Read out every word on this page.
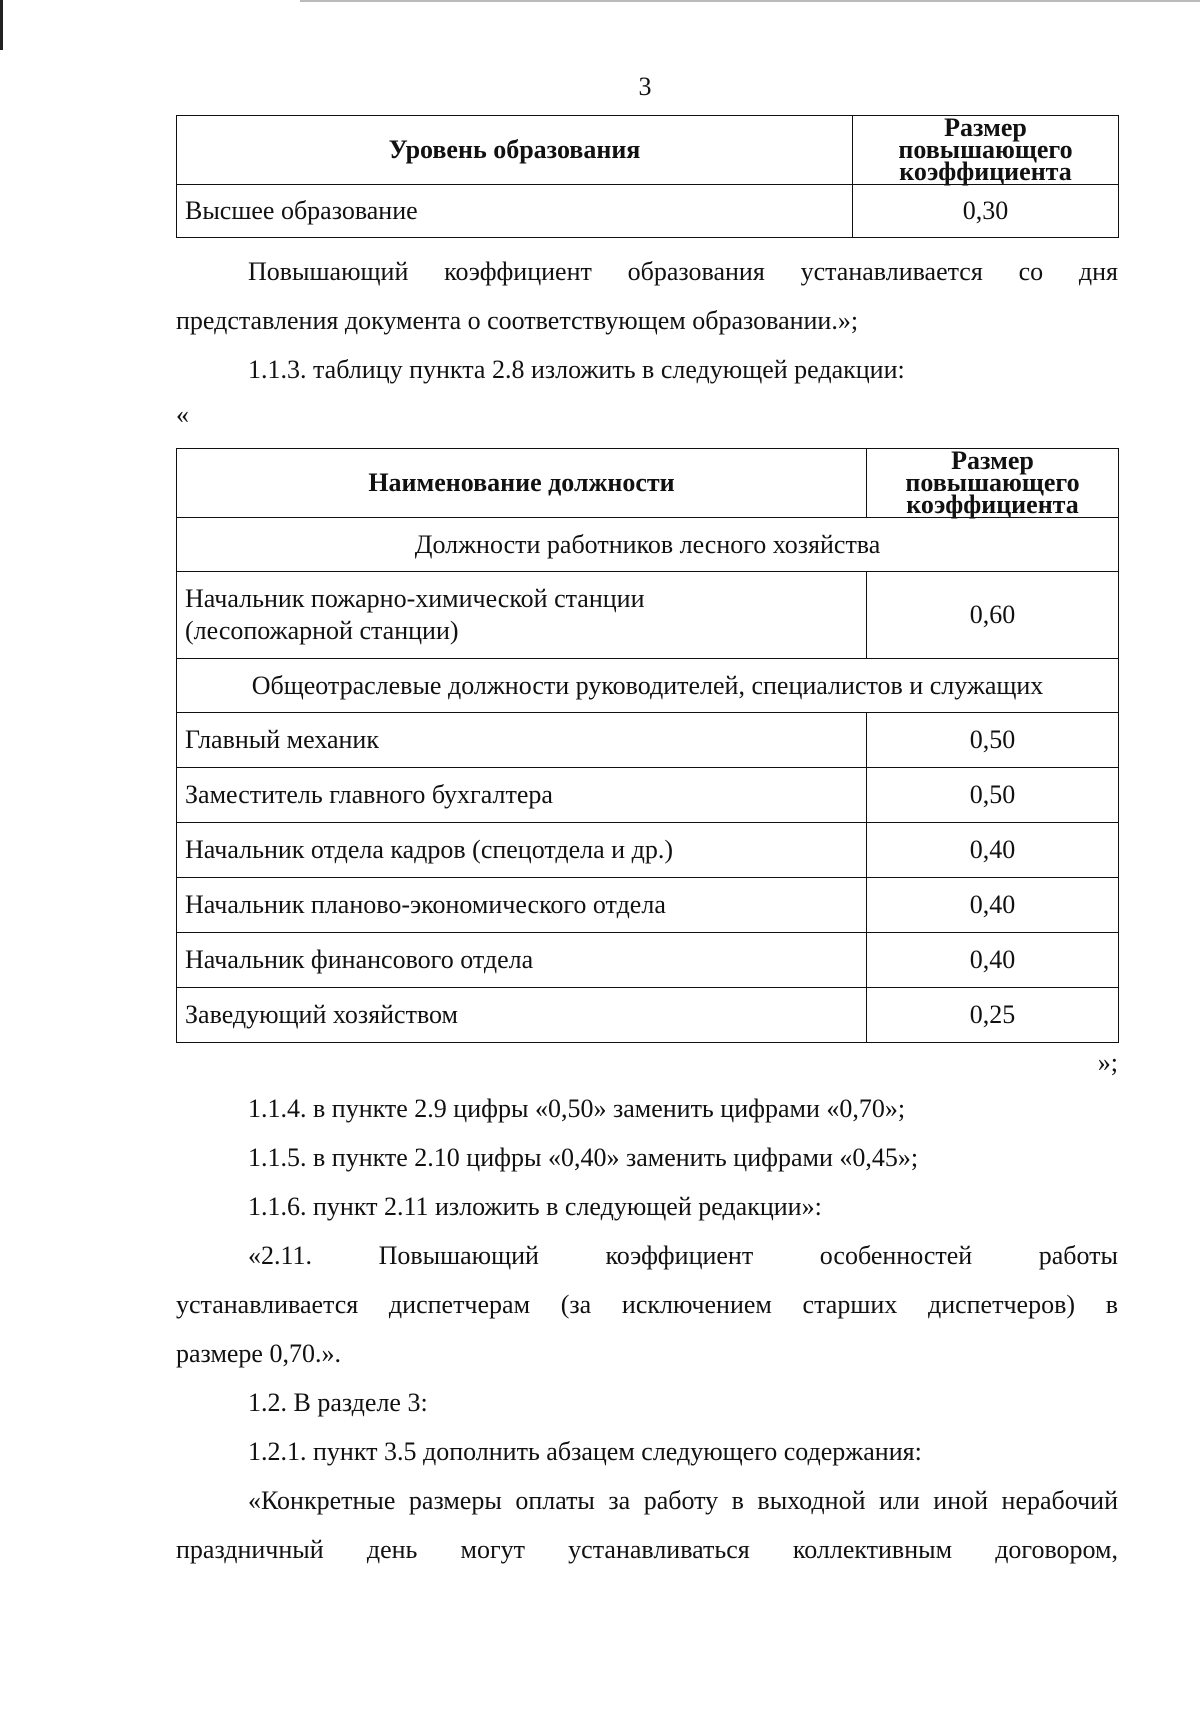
3
Уровень образования	Размер повышающего коэффициента
Высшее образование	0,30

Повышающий коэффициент образования устанавливается со дня

представления документа о соответствующем образовании.»;

1.1.3. таблицу пункта 2.8 изложить в следующей редакции:

«
Наименование должности	Размер повышающего коэффициента
Должности работников лесного хозяйства	
Начальник пожарно-химической станции
(лесопожарной станции)	0,60
Общеотраслевые должности руководителей, специалистов и служащих	
Главный механик	0,50
Заместитель главного бухгалтера	0,50
Начальник отдела кадров (спецотдела и др.)	0,40
Начальник планово-экономического отдела	0,40
Начальник финансового отдела	0,40
Заведующий хозяйством	0,25
»;

1.1.4. в пункте 2.9 цифры «0,50» заменить цифрами «0,70»;

1.1.5. в пункте 2.10 цифры «0,40» заменить цифрами «0,45»;

1.1.6. пункт 2.11 изложить в следующей редакции»:

«2.11. Повышающий коэффициент особенностей работы

устанавливается диспетчерам (за исключением старших диспетчеров) в

размере 0,70.».

1.2. В разделе 3:

1.2.1. пункт 3.5 дополнить абзацем следующего содержания:

«Конкретные размеры оплаты за работу в выходной или иной нерабочий

праздничный день могут устанавливаться коллективным договором,
